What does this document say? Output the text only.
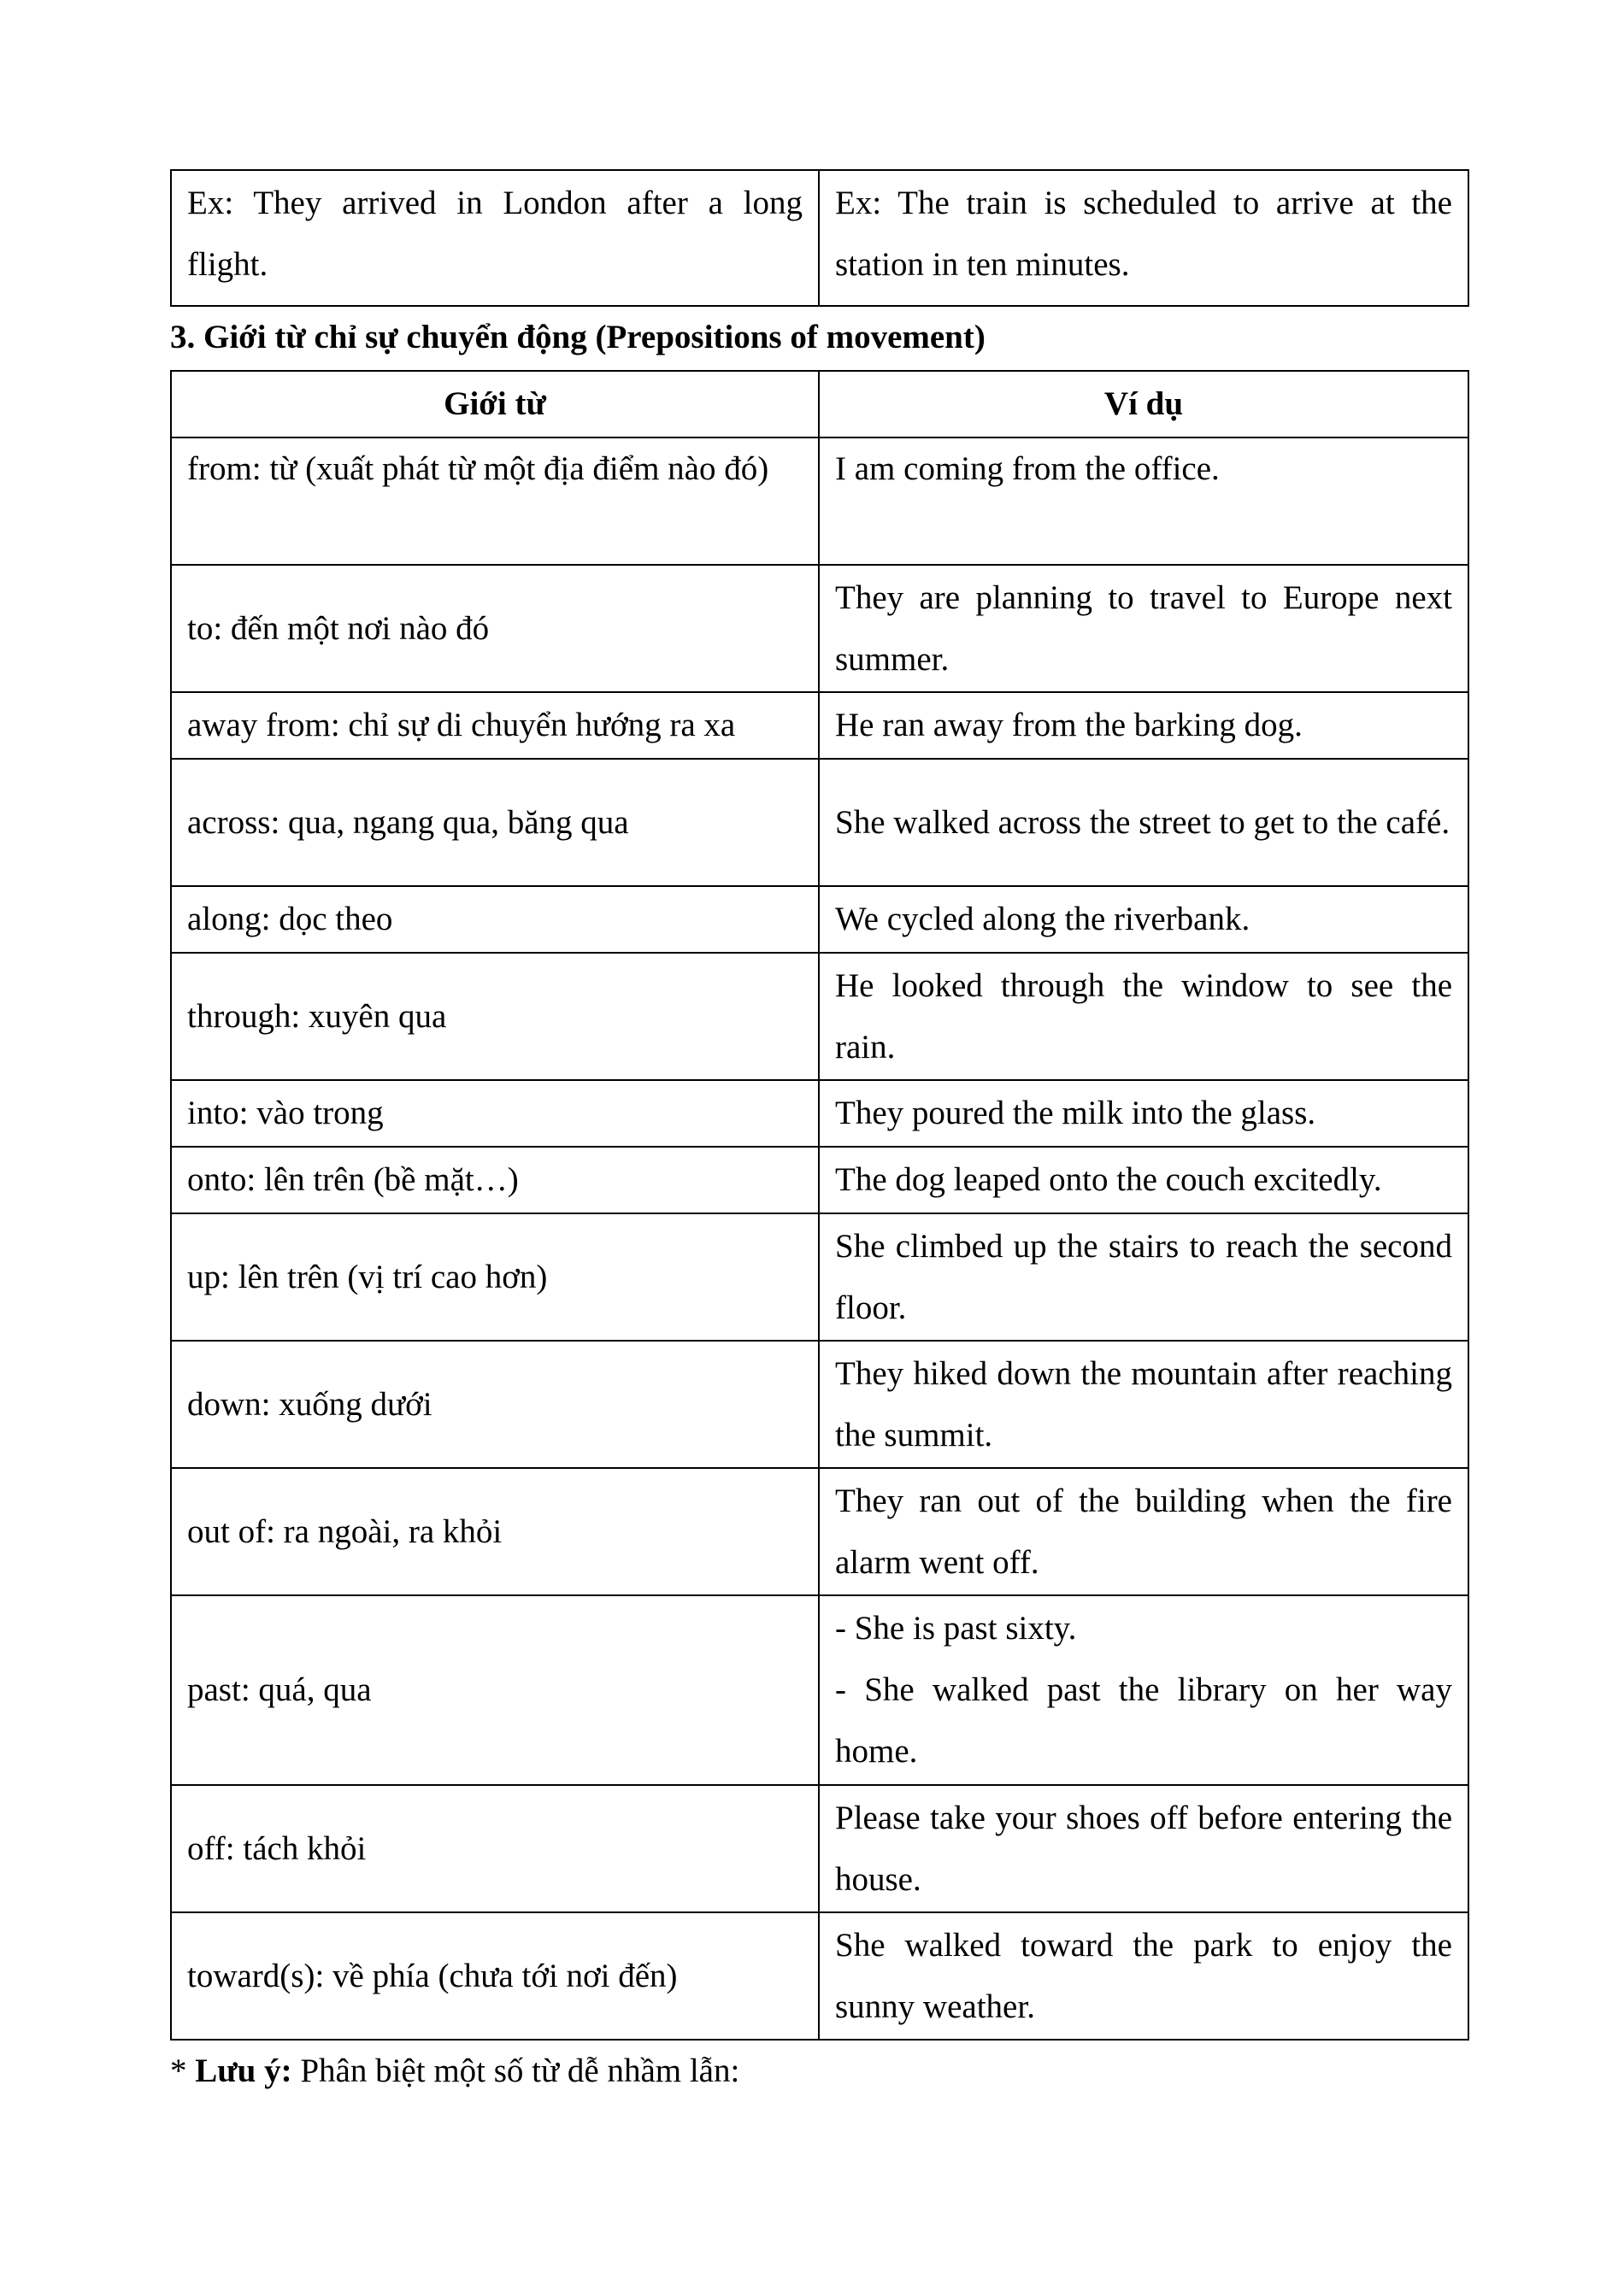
Ex: They arrived in London after a long flight.	Ex: The train is scheduled to arrive at the station in ten minutes.

3. Giới từ chỉ sự chuyển động (Prepositions of movement)

Giới từ	Ví dụ
from: từ (xuất phát từ một địa điểm nào đó)	I am coming from the office.
to: đến một nơi nào đó	They are planning to travel to Europe next summer.
away from: chỉ sự di chuyển hướng ra xa	He ran away from the barking dog.
across: qua, ngang qua, băng qua	She walked across the street to get to the café.
along: dọc theo	We cycled along the riverbank.
through: xuyên qua	He looked through the window to see the rain.
into: vào trong	They poured the milk into the glass.
onto: lên trên (bề mặt…)	The dog leaped onto the couch excitedly.
up: lên trên (vị trí cao hơn)	She climbed up the stairs to reach the second floor.
down: xuống dưới	They hiked down the mountain after reaching the summit.
out of: ra ngoài, ra khỏi	They ran out of the building when the fire alarm went off.
past: quá, qua	- She is past sixty.
- She walked past the library on her way home.

off: tách khỏi	Please take your shoes off before entering the house.
toward(s): về phía (chưa tới nơi đến)	She walked toward the park to enjoy the sunny weather.

* Lưu ý: Phân biệt một số từ dễ nhầm lẫn:
